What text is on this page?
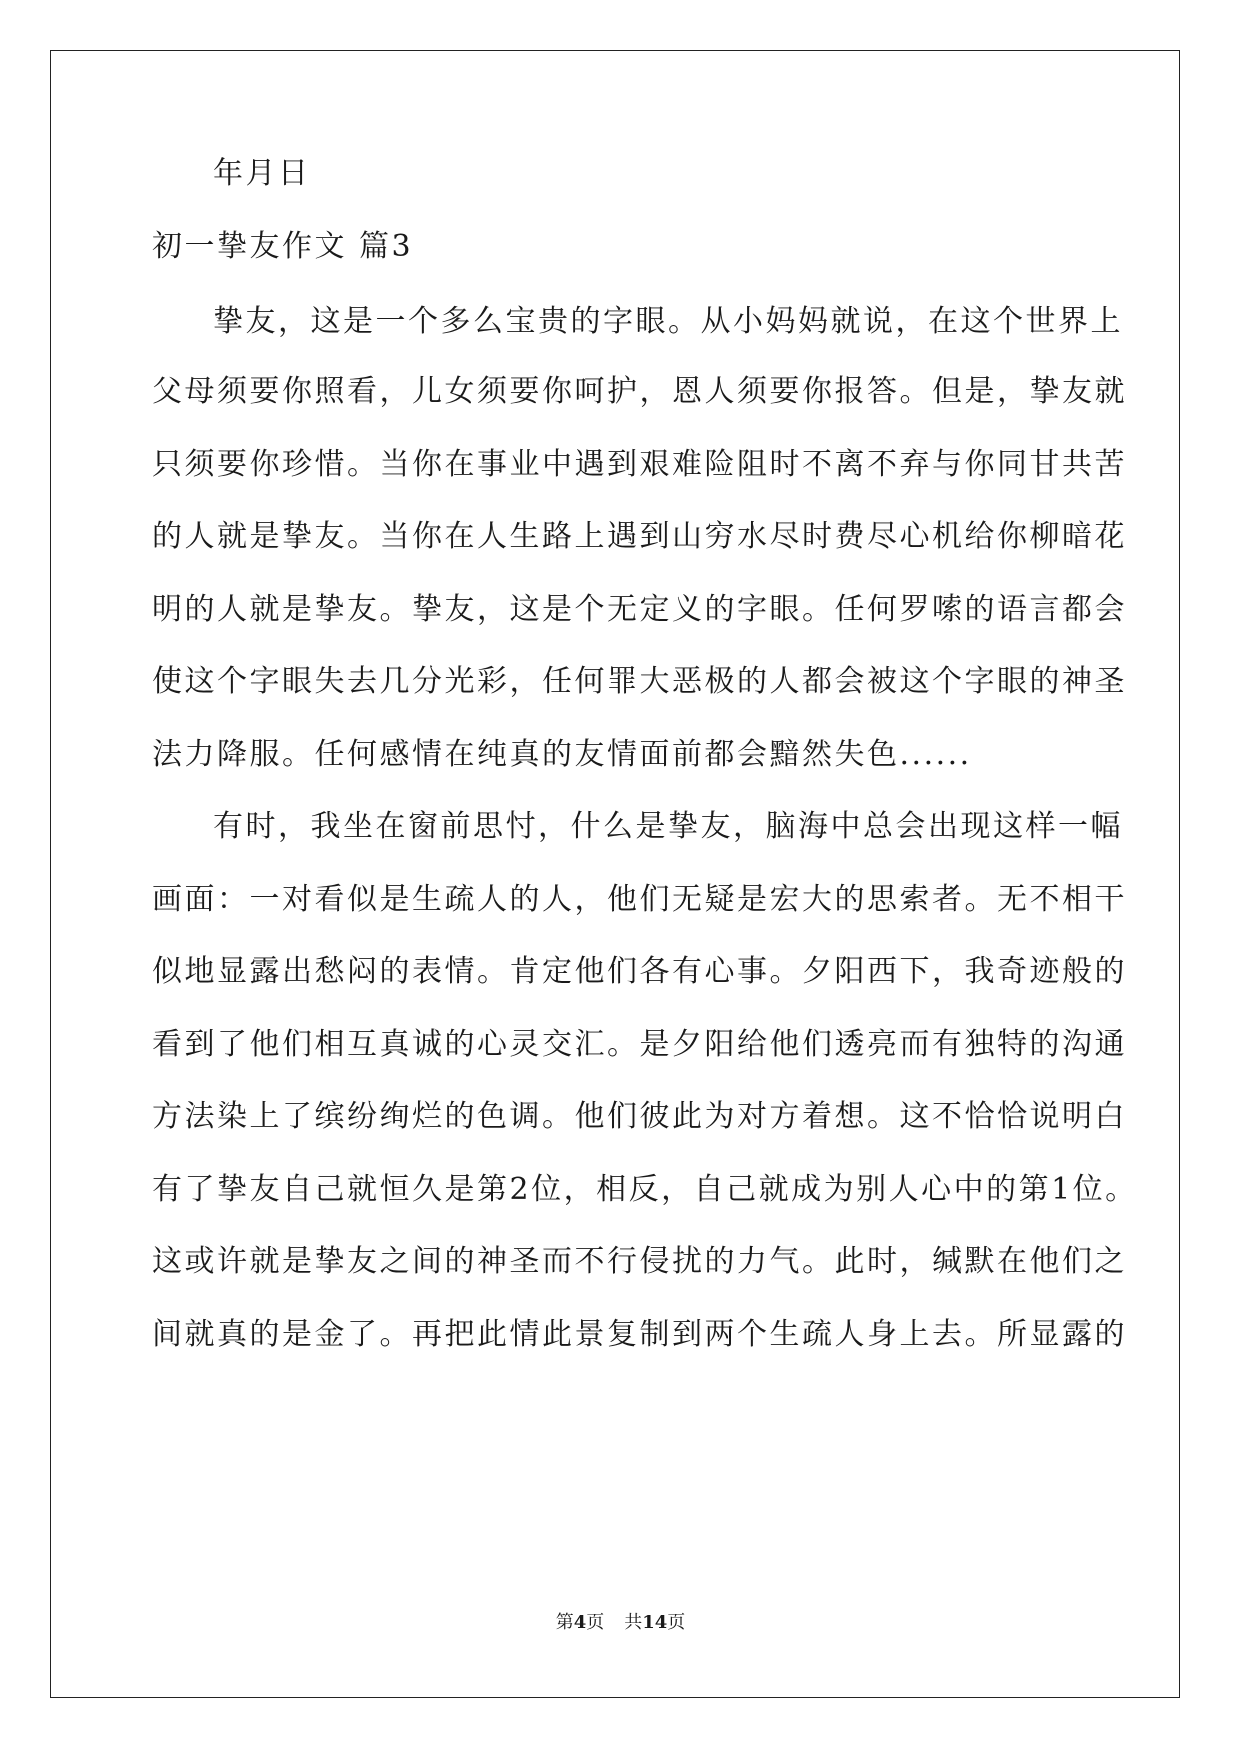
年月日
初一挚友作文 篇3
挚友，这是一个多么宝贵的字眼。从小妈妈就说，在这个世界上
父母须要你照看，儿女须要你呵护，恩人须要你报答。但是，挚友就
只须要你珍惜。当你在事业中遇到艰难险阻时不离不弃与你同甘共苦
的人就是挚友。当你在人生路上遇到山穷水尽时费尽心机给你柳暗花
明的人就是挚友。挚友，这是个无定义的字眼。任何罗嗦的语言都会
使这个字眼失去几分光彩，任何罪大恶极的人都会被这个字眼的神圣
法力降服。任何感情在纯真的友情面前都会黯然失色......
有时，我坐在窗前思忖，什么是挚友，脑海中总会出现这样一幅
画面：一对看似是生疏人的人，他们无疑是宏大的思索者。无不相干
似地显露出愁闷的表情。肯定他们各有心事。夕阳西下，我奇迹般的
看到了他们相互真诚的心灵交汇。是夕阳给他们透亮而有独特的沟通
方法染上了缤纷绚烂的色调。他们彼此为对方着想。这不恰恰说明白
有了挚友自己就恒久是第2位，相反，自己就成为别人心中的第1位。
这或许就是挚友之间的神圣而不行侵扰的力气。此时，缄默在他们之
间就真的是金了。再把此情此景复制到两个生疏人身上去。所显露的
第4页 共14页
